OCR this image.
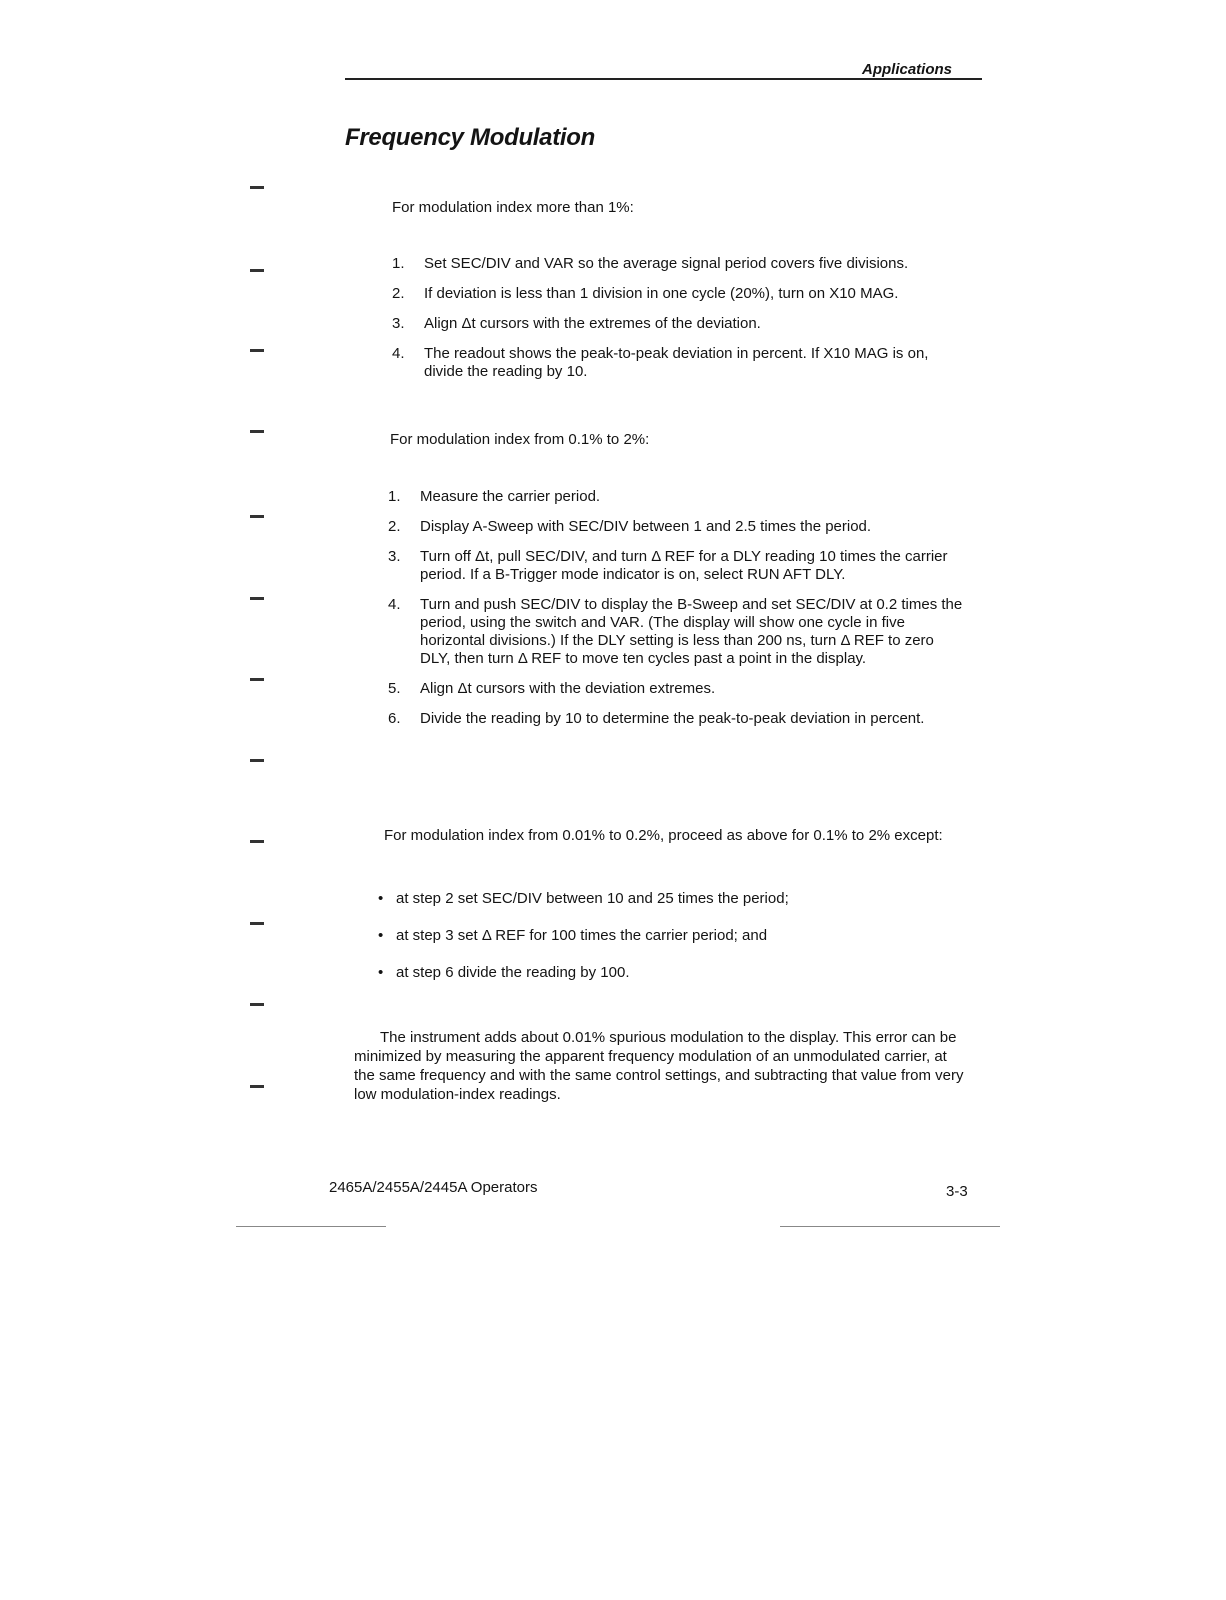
Applications
Frequency Modulation
For modulation index more than 1%:
1. Set SEC/DIV and VAR so the average signal period covers five divisions.
2. If deviation is less than 1 division in one cycle (20%), turn on X10 MAG.
3. Align Δt cursors with the extremes of the deviation.
4. The readout shows the peak-to-peak deviation in percent. If X10 MAG is on, divide the reading by 10.
For modulation index from 0.1% to 2%:
1. Measure the carrier period.
2. Display A-Sweep with SEC/DIV between 1 and 2.5 times the period.
3. Turn off Δt, pull SEC/DIV, and turn Δ REF for a DLY reading 10 times the carrier period. If a B-Trigger mode indicator is on, select RUN AFT DLY.
4. Turn and push SEC/DIV to display the B-Sweep and set SEC/DIV at 0.2 times the period, using the switch and VAR. (The display will show one cycle in five horizontal divisions.) If the DLY setting is less than 200 ns, turn Δ REF to zero DLY, then turn Δ REF to move ten cycles past a point in the display.
5. Align Δt cursors with the deviation extremes.
6. Divide the reading by 10 to determine the peak-to-peak deviation in percent.
For modulation index from 0.01% to 0.2%, proceed as above for 0.1% to 2% except:
• at step 2 set SEC/DIV between 10 and 25 times the period;
• at step 3 set Δ REF for 100 times the carrier period; and
• at step 6 divide the reading by 100.
The instrument adds about 0.01% spurious modulation to the display. This error can be minimized by measuring the apparent frequency modulation of an unmodulated carrier, at the same frequency and with the same control settings, and subtracting that value from very low modulation-index readings.
2465A/2455A/2445A Operators	3-3
